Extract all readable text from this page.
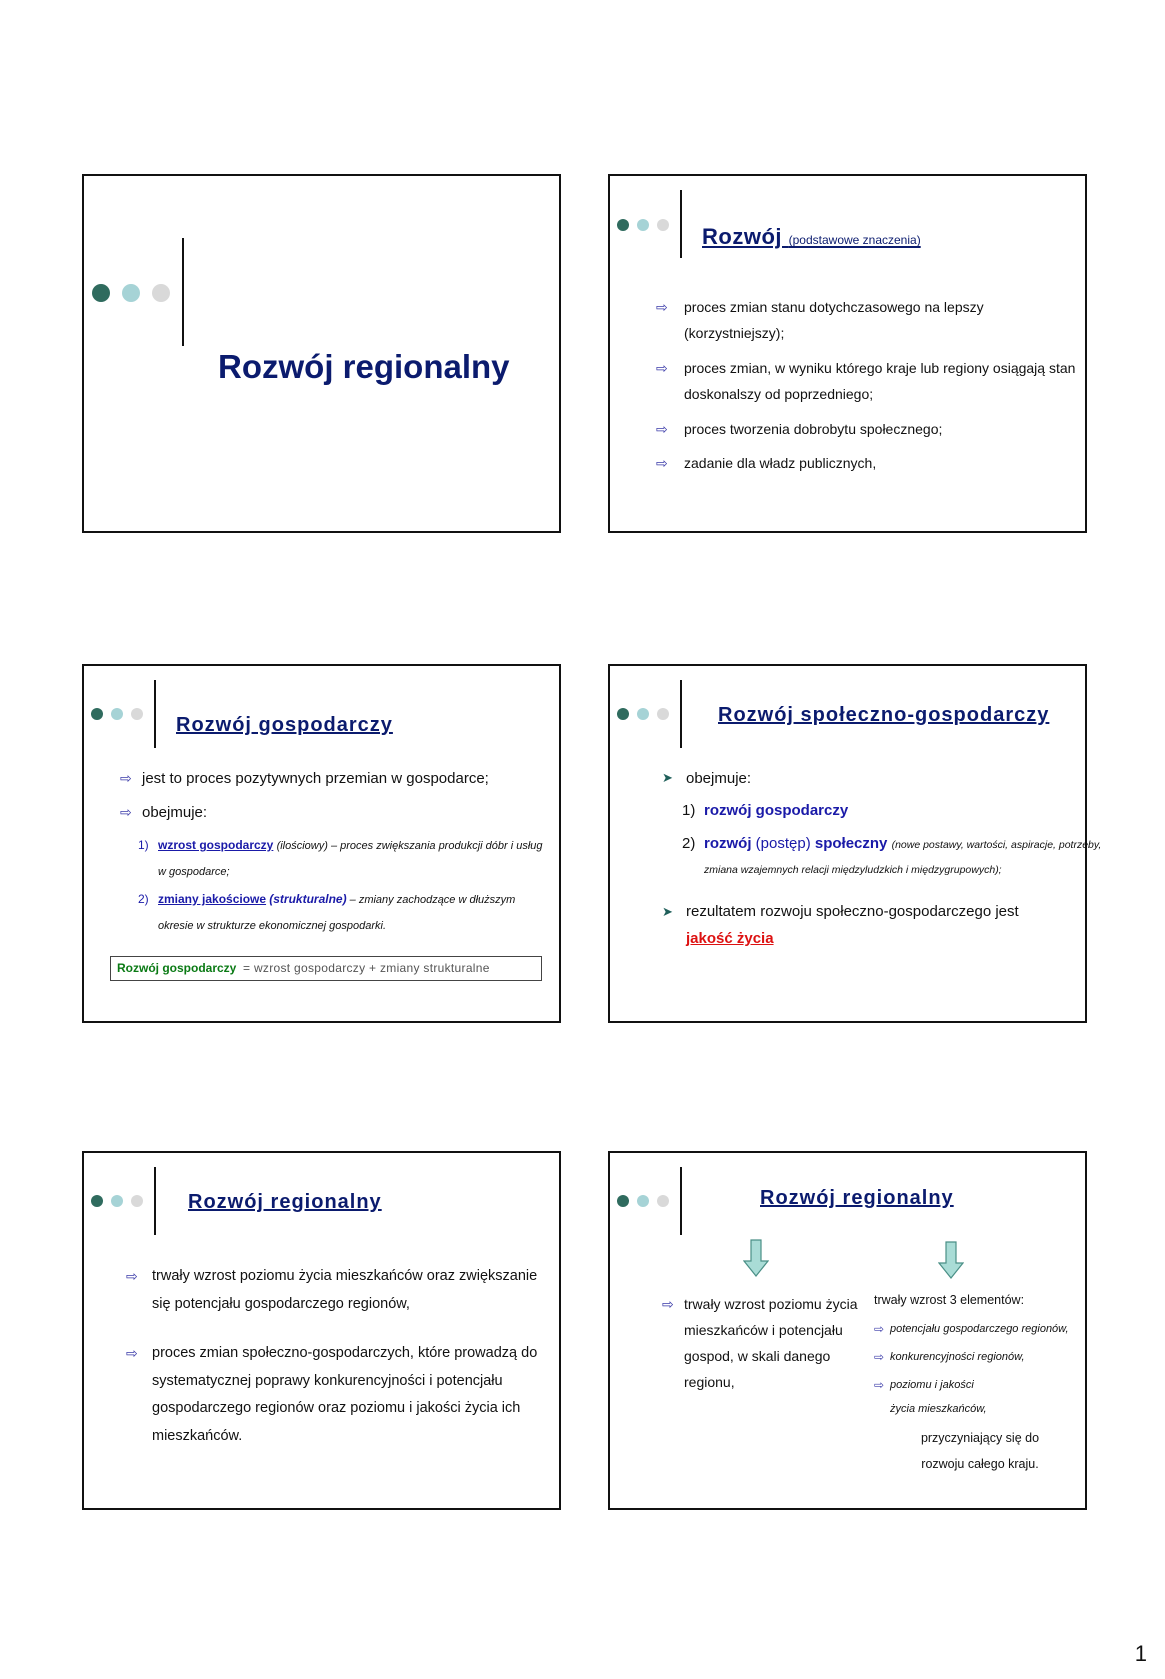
Rozwój regionalny
Rozwój (podstawowe znaczenia)
⇨ proces zmian stanu dotychczasowego na lepszy (korzystniejszy);
⇨ proces zmian, w wyniku którego kraje lub regiony osiągają stan doskonalszy od poprzedniego;
⇨ proces tworzenia dobrobytu społecznego;
⇨ zadanie dla władz publicznych,
Rozwój gospodarczy
⇨ jest to proces pozytywnych przemian w gospodarce;
⇨ obejmuje:
1) wzrost gospodarczy (ilościowy) – proces zwiększania produkcji dóbr i usług w gospodarce;
2) zmiany jakościowe (strukturalne) – zmiany zachodzące w dłuższym okresie w strukturze ekonomicznej gospodarki.
Rozwój gospodarczy = wzrost gospodarczy + zmiany strukturalne
Rozwój społeczno-gospodarczy
➤ obejmuje:
1) rozwój gospodarczy
2) rozwój (postęp) społeczny (nowe postawy, wartości, aspiracje, potrzeby, zmiana wzajemnych relacji międzyludzkich i międzygrupowych);
➤ rezultatem rozwoju społeczno-gospodarczego jest
jakość życia
Rozwój regionalny
⇨ trwały wzrost poziomu życia mieszkańców oraz zwiększanie się potencjału gospodarczego regionów,
⇨ proces zmian społeczno-gospodarczych, które prowadzą do systematycznej poprawy konkurencyjności i potencjału gospodarczego regionów oraz poziomu i jakości życia ich mieszkańców.
Rozwój regionalny
⇨ trwały wzrost poziomu życia mieszkańców i potencjału gospod, w skali danego regionu,
trwały wzrost 3 elementów:
⇨ potencjału gospodarczego regionów,
⇨ konkurencyjności regionów,
⇨ poziomu i jakości życia mieszkańców,
przyczyniający się do rozwoju całego kraju.
1
